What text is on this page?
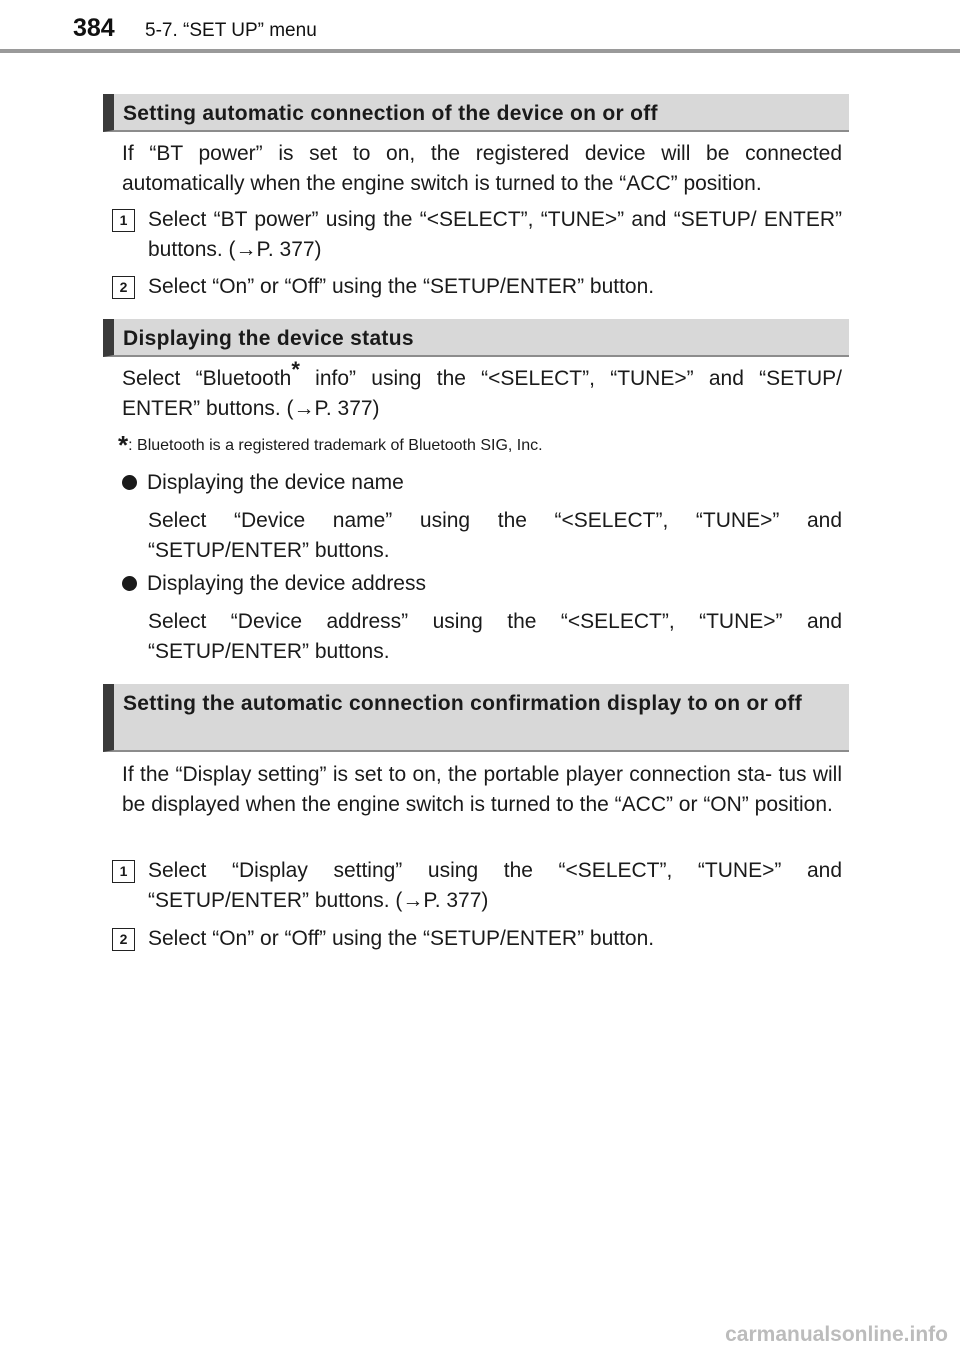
384 5-7. “SET UP” menu
Setting automatic connection of the device on or off

If “BT power” is set to on, the registered device will be connected automatically when the engine switch is turned to the “ACC” position.

1 Select “BT power” using the “<SELECT”, “TUNE>” and “SETUP/ ENTER” buttons. (→P. 377)

2 Select “On” or “Off” using the “SETUP/ENTER” button.

Displaying the device status

Select “Bluetooth* info” using the “<SELECT”, “TUNE>” and “SETUP/ ENTER” buttons. (→P. 377)

*: Bluetooth is a registered trademark of Bluetooth SIG, Inc.
Displaying the device name

Select “Device name” using the “<SELECT”, “TUNE>” and “SETUP/ENTER” buttons.

Displaying the device address

Select “Device address” using the “<SELECT”, “TUNE>” and “SETUP/ENTER” buttons.

Setting the automatic connection confirmation display to on or off

If the “Display setting” is set to on, the portable player connection sta- tus will be displayed when the engine switch is turned to the “ACC” or “ON” position.

1 Select “Display setting” using the “<SELECT”, “TUNE>” and “SETUP/ENTER” buttons. (→P. 377)

2 Select “On” or “Off” using the “SETUP/ENTER” button.

carmanualsonline.info
